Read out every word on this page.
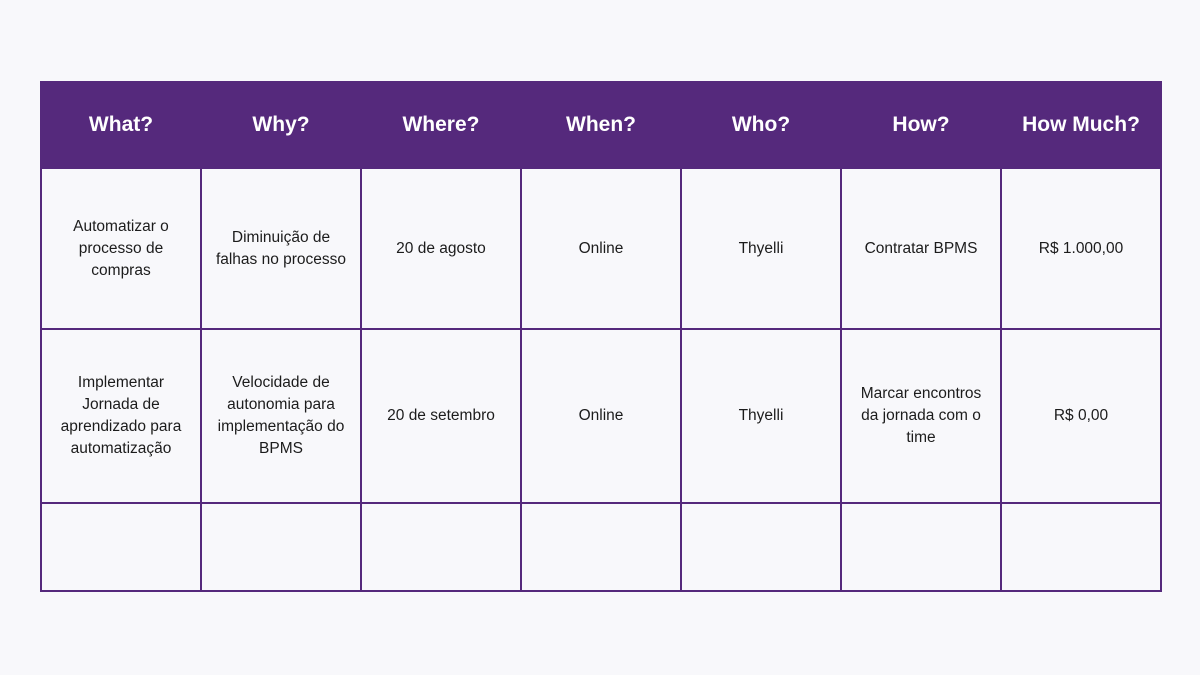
What?	Why?	Where?	When?	Who?	How?	How Much?
Automatizar o processo de compras	Diminuição de falhas no processo	20 de agosto	Online	Thyelli	Contratar BPMS	R$ 1.000,00
Implementar Jornada de aprendizado para automatização	Velocidade de autonomia para implementação do BPMS	20 de setembro	Online	Thyelli	Marcar encontros da jornada com o time	R$ 0,00
